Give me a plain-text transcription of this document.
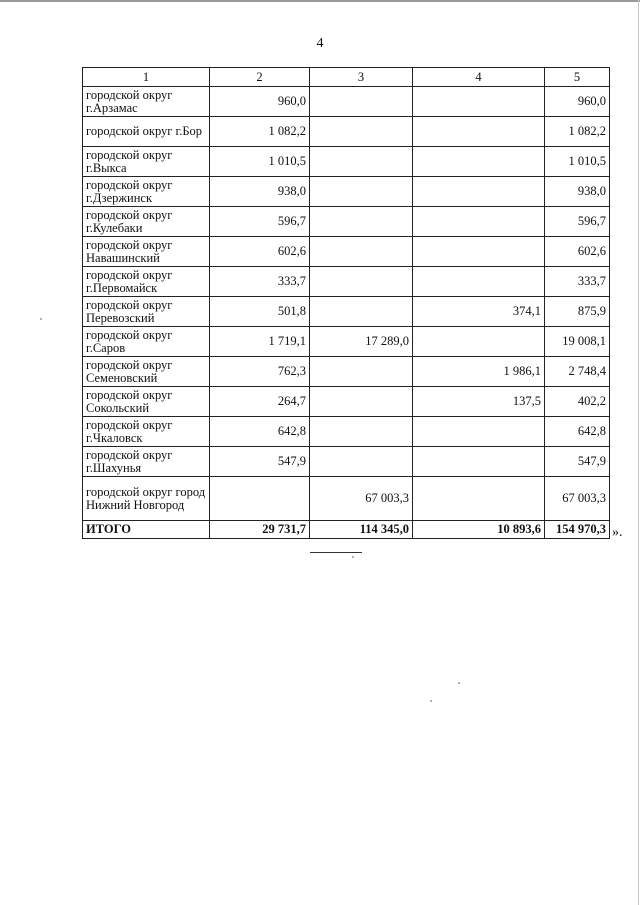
4
1	2	3	4	5
городской округ г.Арзамас	960,0			960,0
городской округ г.Бор	1 082,2			1 082,2
городской округ г.Выкса	1 010,5			1 010,5
городской округ г.Дзержинск	938,0			938,0
городской округ г.Кулебаки	596,7			596,7
городской округ Навашинский	602,6			602,6
городской округ г.Первомайск	333,7			333,7
городской округ Перевозский	501,8		374,1	875,9
городской округ г.Саров	1 719,1	17 289,0		19 008,1
городской округ Семеновский	762,3		1 986,1	2 748,4
городской округ Сокольский	264,7		137,5	402,2
городской округ г.Чкаловск	642,8			642,8
городской округ г.Шахунья	547,9			547,9
городской округ город Нижний Новгород		67 003,3		67 003,3
ИТОГО	29 731,7	114 345,0	10 893,6	154 970,3 ».
